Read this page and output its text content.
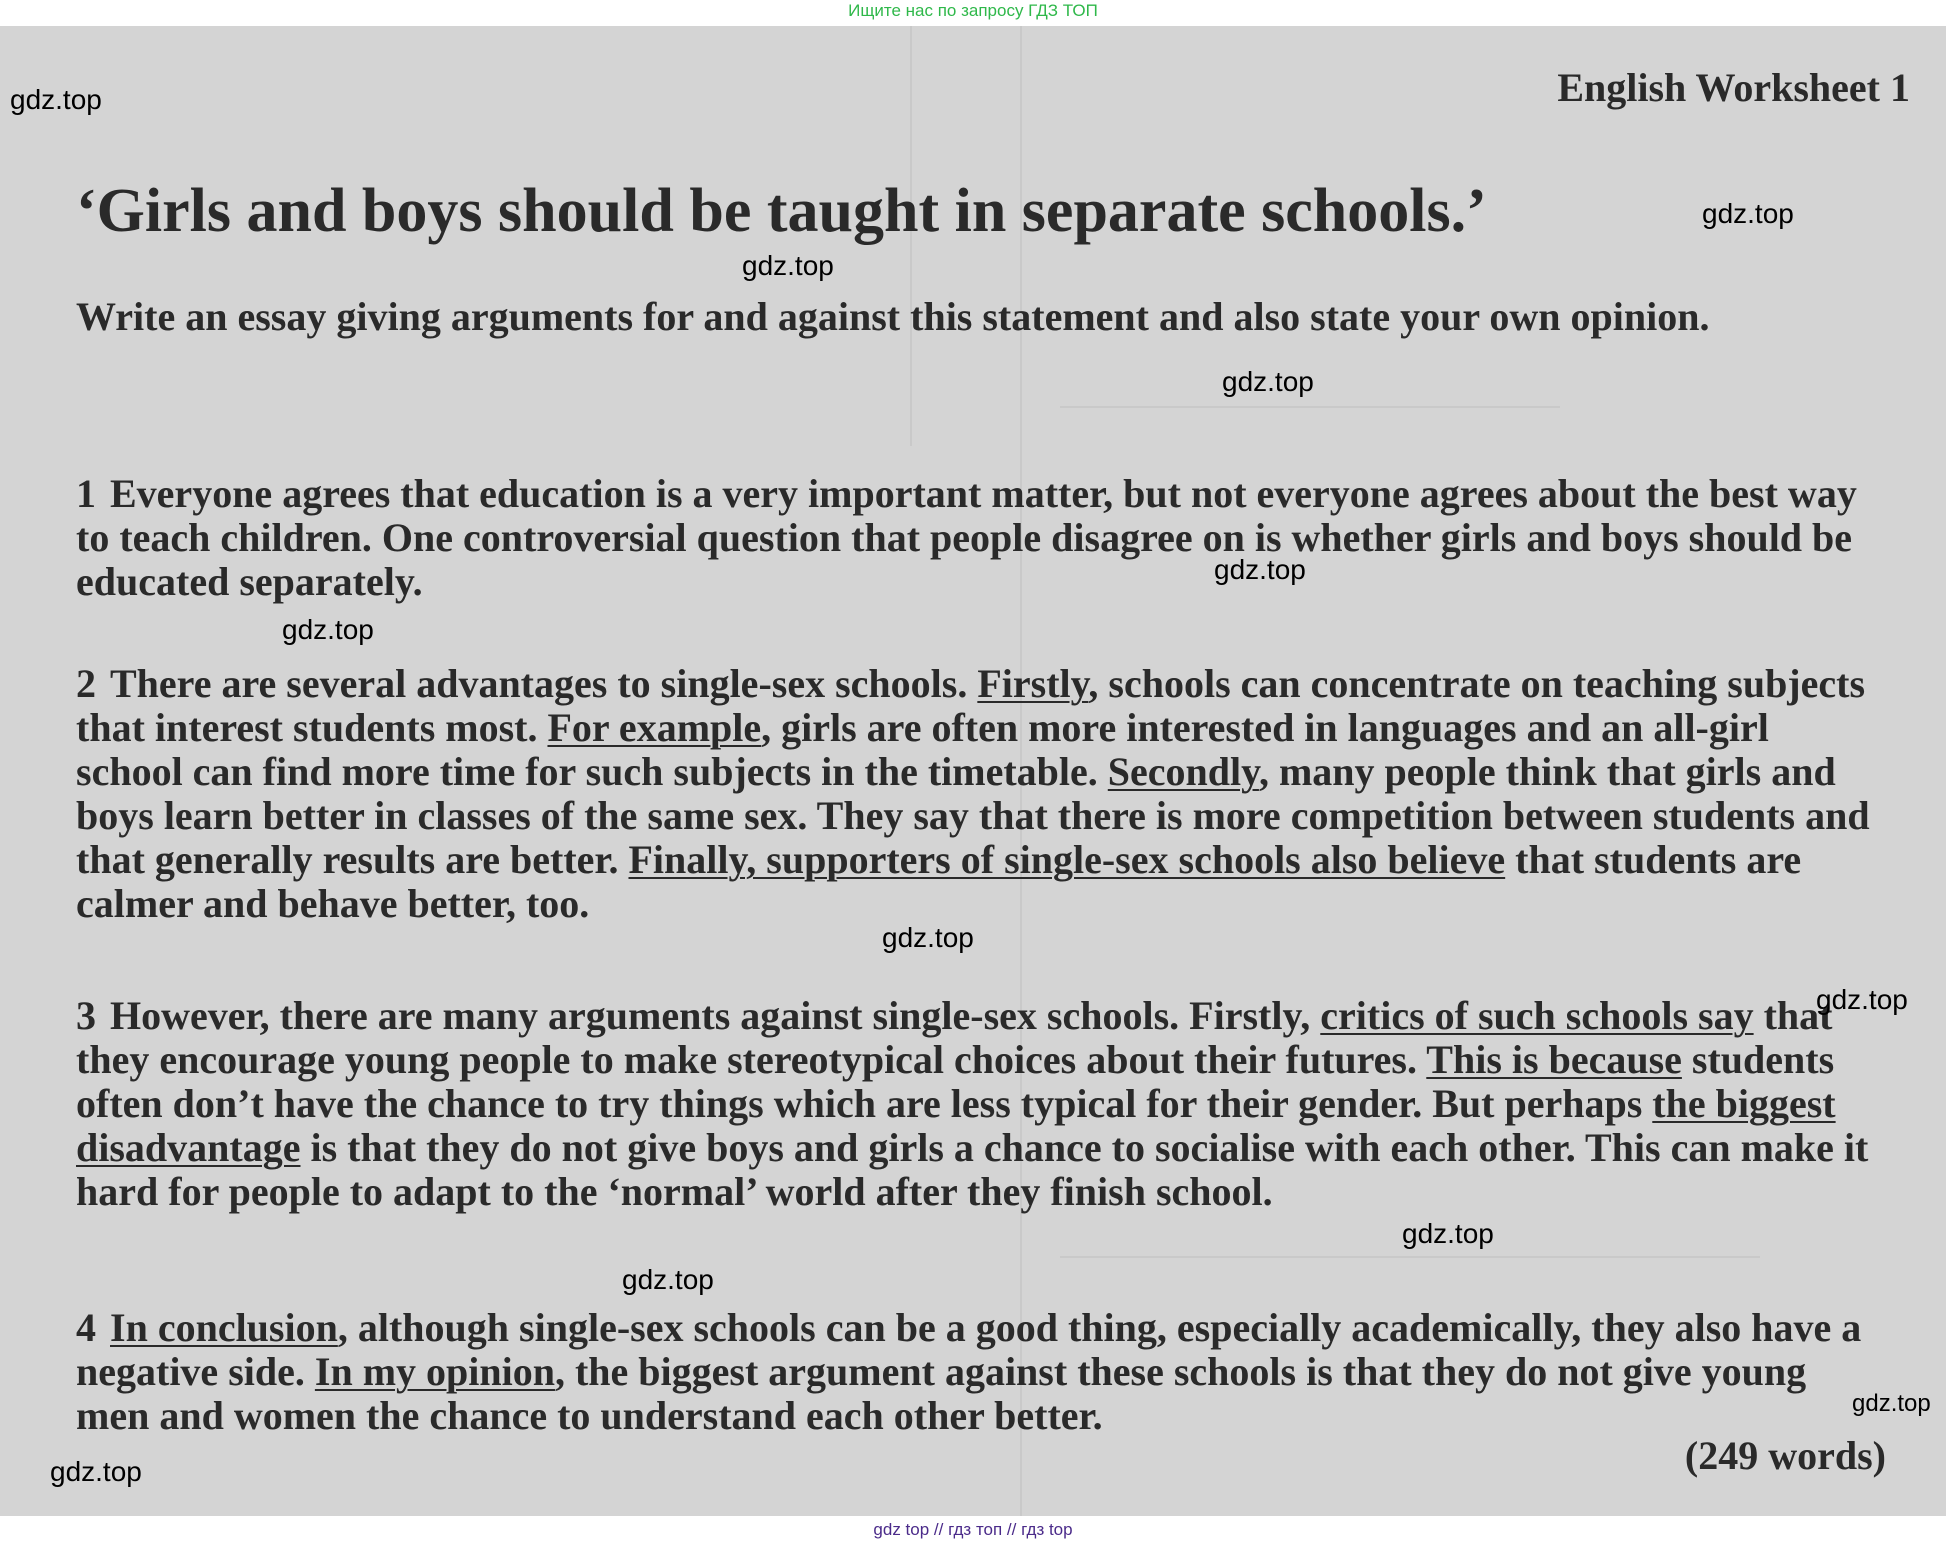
Ищите нас по запросу ГДЗ ТОП
English Worksheet 1
‘Girls and boys should be taught in separate schools.’
Write an essay giving arguments for and against this statement and also state your own opinion.
1 Everyone agrees that education is a very important matter, but not everyone agrees about the best way to teach children. One controversial question that people disagree on is whether girls and boys should be educated separately.
2 There are several advantages to single-sex schools. Firstly, schools can concentrate on teaching subjects that interest students most. For example, girls are often more interested in languages and an all-girl school can find more time for such subjects in the timetable. Secondly, many people think that girls and boys learn better in classes of the same sex. They say that there is more competition between students and that generally results are better. Finally, supporters of single-sex schools also believe that students are calmer and behave better, too.
3 However, there are many arguments against single-sex schools. Firstly, critics of such schools say that they encourage young people to make stereotypical choices about their futures. This is because students often don’t have the chance to try things which are less typical for their gender. But perhaps the biggest disadvantage is that they do not give boys and girls a chance to socialise with each other. This can make it hard for people to adapt to the ‘normal’ world after they finish school.
4 In conclusion, although single-sex schools can be a good thing, especially academically, they also have a negative side. In my opinion, the biggest argument against these schools is that they do not give young men and women the chance to understand each other better.
(249 words)
gdz.top
gdz.top
gdz.top
gdz.top
gdz.top
gdz.top
gdz.top
gdz.top
gdz.top
gdz.top
gdz.top
gdz.top
gdz top // гдз топ // гдз top
